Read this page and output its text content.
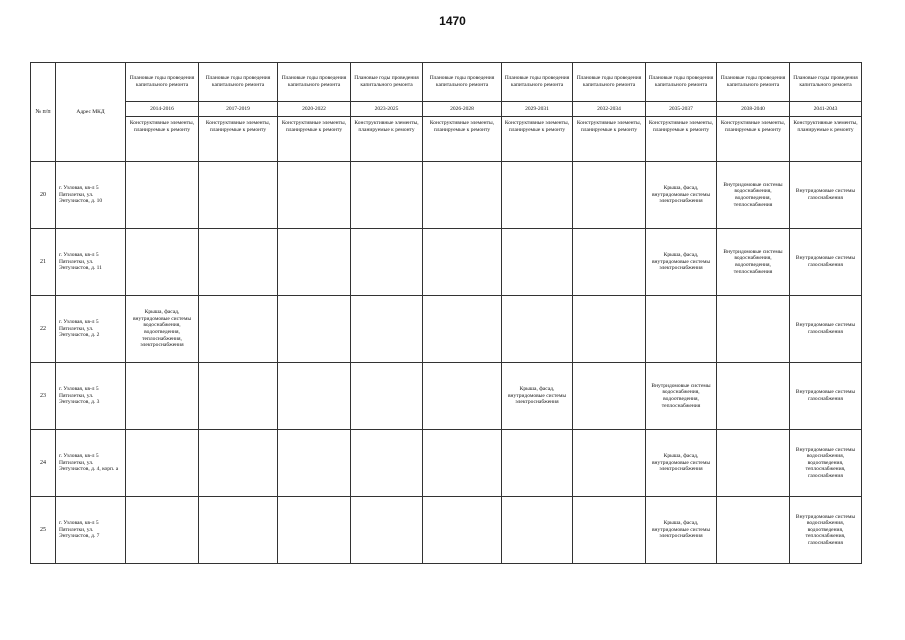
1470
№ п/п	Адрес МКД	Плановые годы проведения капитального ремонта	Плановые годы проведения капитального ремонта	Плановые годы проведения капитального ремонта	Плановые годы проведения капитального ремонта	Плановые годы проведения капитального ремонта	Плановые годы проведения капитального ремонта	Плановые годы проведения капитального ремонта	Плановые годы проведения капитального ремонта	Плановые годы проведения капитального ремонта	Плановые годы проведения капитального ремонта
		2014-2016	2017-2019	2020-2022	2023-2025	2026-2028	2029-2031	2032-2034	2035-2037	2038-2040	2041-2043
		Конструктивные элементы, планируемые к ремонту	Конструктивные элементы, планируемые к ремонту	Конструктивные элементы, планируемые к ремонту	Конструктивные элементы, планируемые к ремонту	Конструктивные элементы, планируемые к ремонту	Конструктивные элементы, планируемые к ремонту	Конструктивные элементы, планируемые к ремонту	Конструктивные элементы, планируемые к ремонту	Конструктивные элементы, планируемые к ремонту	Конструктивные элементы, планируемые к ремонту
20	г. Узловая, кв-л 5 Пятилетки, ул. Энтузиастов, д. 10								Крыша, фасад, внутридомовые системы электроснабжения	Внутридомовые системы водоснабжения, водоотведения, теплоснабжения	Внутридомовые системы газоснабжения
21	г. Узловая, кв-л 5 Пятилетки, ул. Энтузиастов, д. 11								Крыша, фасад, внутридомовые системы электроснабжения	Внутридомовые системы водоснабжения, водоотведения, теплоснабжения	Внутридомовые системы газоснабжения
22	г. Узловая, кв-л 5 Пятилетки, ул. Энтузиастов, д. 2	Крыша, фасад, внутридомовые системы водоснабжения, водоотведения, теплоснабжения, электроснабжения									Внутридомовые системы газоснабжения
23	г. Узловая, кв-л 5 Пятилетки, ул. Энтузиастов, д. 3						Крыша, фасад, внутридомовые системы электроснабжения		Внутридомовые системы водоснабжения, водоотведения, теплоснабжения		Внутридомовые системы газоснабжения
24	г. Узловая, кв-л 5 Пятилетки, ул. Энтузиастов, д. 4, корп. а								Крыша, фасад, внутридомовые системы электроснабжения		Внутридомовые системы водоснабжения, водоотведения, теплоснабжения, газоснабжения
25	г. Узловая, кв-л 5 Пятилетки, ул. Энтузиастов, д. 7								Крыша, фасад, внутридомовые системы электроснабжения		Внутридомовые системы водоснабжения, водоотведения, теплоснабжения, газоснабжения
